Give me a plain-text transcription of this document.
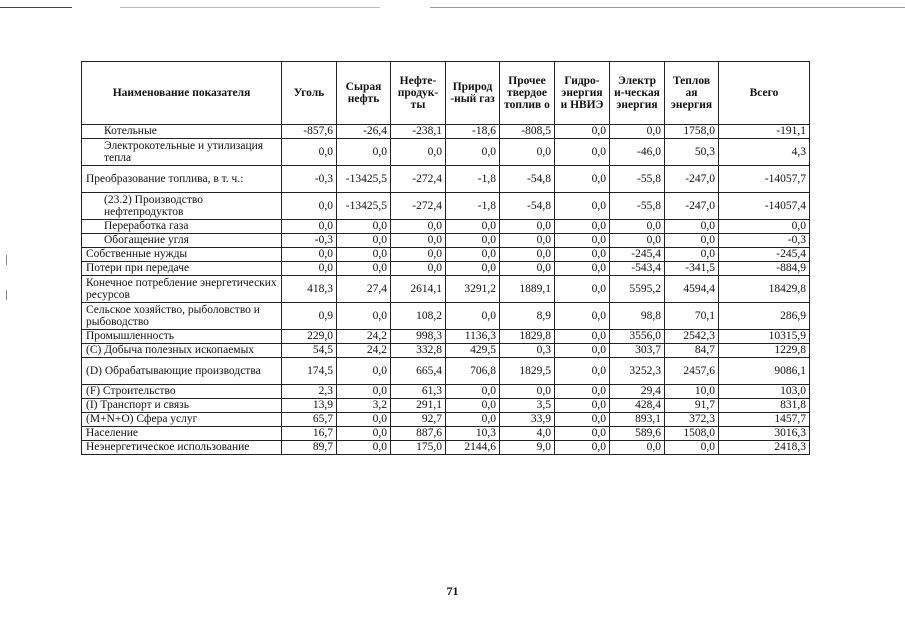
Наименование показателя	Уголь	Сырая нефть	Нефте-продук-ты	Природ -ный газ	Прочее твердое топлив о	Гидро-энергия и НВИЭ	Электр и-ческая энергия	Теплов ая энергия	Всего
Котельные	-857,6	-26,4	-238,1	-18,6	-808,5	0,0	0,0	1758,0	-191,1
Электрокотельные и утилизация тепла	0,0	0,0	0,0	0,0	0,0	0,0	-46,0	50,3	4,3
Преобразование топлива, в т. ч.:	-0,3	-13425,5	-272,4	-1,8	-54,8	0,0	-55,8	-247,0	-14057,7
(23.2) Производство нефтепродуктов	0,0	-13425,5	-272,4	-1,8	-54,8	0,0	-55,8	-247,0	-14057,4
Переработка газа	0,0	0,0	0,0	0,0	0,0	0,0	0,0	0,0	0,0
Обогащение угля	-0,3	0,0	0,0	0,0	0,0	0,0	0,0	0,0	-0,3
Собственные нужды	0,0	0,0	0,0	0,0	0,0	0,0	-245,4	0,0	-245,4
Потери при передаче	0,0	0,0	0,0	0,0	0,0	0,0	-543,4	-341,5	-884,9
Конечное потребление энергетических ресурсов	418,3	27,4	2614,1	3291,2	1889,1	0,0	5595,2	4594,4	18429,8
Сельское хозяйство, рыболовство и рыбоводство	0,9	0,0	108,2	0,0	8,9	0,0	98,8	70,1	286,9
Промышленность	229,0	24,2	998,3	1136,3	1829,8	0,0	3556,0	2542,3	10315,9
(С) Добыча полезных ископаемых	54,5	24,2	332,8	429,5	0,3	0,0	303,7	84,7	1229,8
(D) Обрабатывающие производства	174,5	0,0	665,4	706,8	1829,5	0,0	3252,3	2457,6	9086,1
(F) Строительство	2,3	0,0	61,3	0,0	0,0	0,0	29,4	10,0	103,0
(I) Транспорт и связь	13,9	3,2	291,1	0,0	3,5	0,0	428,4	91,7	831,8
(M+N+O) Сфера услуг	65,7	0,0	92,7	0,0	33,9	0,0	893,1	372,3	1457,7
Население	16,7	0,0	887,6	10,3	4,0	0,0	589,6	1508,0	3016,3
Неэнергетическое использование	89,7	0,0	175,0	2144,6	9,0	0,0	0,0	0,0	2418,3
71
